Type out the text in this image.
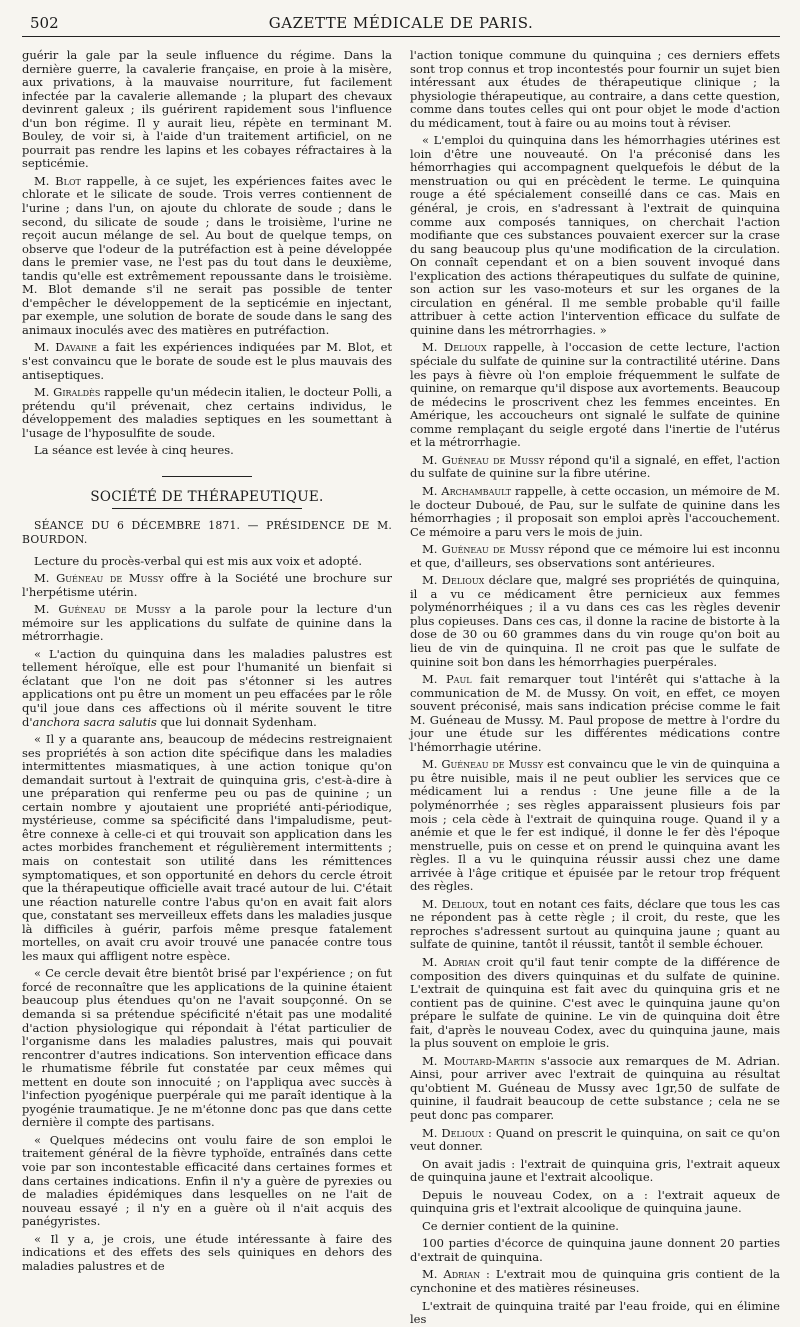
502	GAZETTE MÉDICALE DE PARIS.

guérir la gale par la seule influence du régime. Dans la dernière guerre, la cavalerie française, en proie à la misère, aux privations, à la mauvaise nourriture, fut facilement infectée par la cavalerie allemande ; la plupart des chevaux devinrent galeux ; ils guérirent rapidement sous l'influence d'un bon régime. Il y aurait lieu, répète en terminant M. Bouley, de voir si, à l'aide d'un traitement artificiel, on ne pourrait pas rendre les lapins et les cobayes réfractaires à la septicémie.

M. Blot rappelle, à ce sujet, les expériences faites avec le chlorate et le silicate de soude. Trois verres contiennent de l'urine ; dans l'un, on ajoute du chlorate de soude ; dans le second, du silicate de soude ; dans le troisième, l'urine ne reçoit aucun mélange de sel. Au bout de quelque temps, on observe que l'odeur de la putréfaction est à peine développée dans le premier vase, ne l'est pas du tout dans le deuxième, tandis qu'elle est extrêmement repoussante dans le troisième. M. Blot demande s'il ne serait pas possible de tenter d'empêcher le développement de la septicémie en injectant, par exemple, une solution de borate de soude dans le sang des animaux inoculés avec des matières en putréfaction.

M. Davaine a fait les expériences indiquées par M. Blot, et s'est convaincu que le borate de soude est le plus mauvais des antiseptiques.

M. Giraldès rappelle qu'un médecin italien, le docteur Polli, a prétendu qu'il prévenait, chez certains individus, le développement des maladies septiques en les soumettant à l'usage de l'hyposulfite de soude.

La séance est levée à cinq heures.

SOCIÉTÉ DE THÉRAPEUTIQUE.
SÉANCE DU 6 DÉCEMBRE 1871. — PRÉSIDENCE DE M. BOURDON.

Lecture du procès-verbal qui est mis aux voix et adopté.

M. Guéneau de Mussy offre à la Société une brochure sur l'herpétisme utérin.

M. Guéneau de Mussy a la parole pour la lecture d'un mémoire sur les applications du sulfate de quinine dans la métrorrhagie.

« L'action du quinquina dans les maladies palustres est tellement héroïque, elle est pour l'humanité un bienfait si éclatant que l'on ne doit pas s'étonner si les autres applications ont pu être un moment un peu effacées par le rôle qu'il joue dans ces affections où il mérite souvent le titre d'anchora sacra salutis que lui donnait Sydenham.

« Il y a quarante ans, beaucoup de médecins restreignaient ses propriétés à son action dite spécifique dans les maladies intermittentes miasmatiques, à une action tonique qu'on demandait surtout à l'extrait de quinquina gris, c'est-à-dire à une préparation qui renferme peu ou pas de quinine ; un certain nombre y ajoutaient une propriété anti-périodique, mystérieuse, comme sa spécificité dans l'impaludisme, peut-être connexe à celle-ci et qui trouvait son application dans les actes morbides franchement et régulièrement intermittents ; mais on contestait son utilité dans les rémittences symptomatiques, et son opportunité en dehors du cercle étroit que la thérapeutique officielle avait tracé autour de lui. C'était une réaction naturelle contre l'abus qu'on en avait fait alors que, constatant ses merveilleux effets dans les maladies jusque là difficiles à guérir, parfois même presque fatalement mortelles, on avait cru avoir trouvé une panacée contre tous les maux qui affligent notre espèce.

« Ce cercle devait être bientôt brisé par l'expérience ; on fut forcé de reconnaître que les applications de la quinine étaient beaucoup plus étendues qu'on ne l'avait soupçonné. On se demanda si sa prétendue spécificité n'était pas une modalité d'action physiologique qui répondait à l'état particulier de l'organisme dans les maladies palustres, mais qui pouvait rencontrer d'autres indications. Son intervention efficace dans le rhumatisme fébrile fut constatée par ceux mêmes qui mettent en doute son innocuité ; on l'appliqua avec succès à l'infection pyogénique puerpérale qui me paraît identique à la pyogénie traumatique. Je ne m'étonne donc pas que dans cette dernière il compte des partisans.

« Quelques médecins ont voulu faire de son emploi le traitement général de la fièvre typhoïde, entraînés dans cette voie par son incontestable efficacité dans certaines formes et dans certaines indications. Enfin il n'y a guère de pyrexies ou de maladies épidémiques dans lesquelles on ne l'ait de nouveau essayé ; il n'y en a guère où il n'ait acquis des panégyristes.

« Il y a, je crois, une étude intéressante à faire des indications et des effets des sels quiniques en dehors des maladies palustres et de

l'action tonique commune du quinquina ; ces derniers effets sont trop connus et trop incontestés pour fournir un sujet bien intéressant aux études de thérapeutique clinique ; la physiologie thérapeutique, au contraire, a dans cette question, comme dans toutes celles qui ont pour objet le mode d'action du médicament, tout à faire ou au moins tout à réviser.

« L'emploi du quinquina dans les hémorrhagies utérines est loin d'être une nouveauté. On l'a préconisé dans les hémorrhagies qui accompagnent quelquefois le début de la menstruation ou qui en précèdent le terme. Le quinquina rouge a été spécialement conseillé dans ce cas. Mais en général, je crois, en s'adressant à l'extrait de quinquina comme aux composés tanniques, on cherchait l'action modifiante que ces substances pouvaient exercer sur la crase du sang beaucoup plus qu'une modification de la circulation. On connaît cependant et on a bien souvent invoqué dans l'explication des actions thérapeutiques du sulfate de quinine, son action sur les vaso-moteurs et sur les organes de la circulation en général. Il me semble probable qu'il faille attribuer à cette action l'intervention efficace du sulfate de quinine dans les métrorrhagies. »

M. Delioux rappelle, à l'occasion de cette lecture, l'action spéciale du sulfate de quinine sur la contractilité utérine. Dans les pays à fièvre où l'on emploie fréquemment le sulfate de quinine, on remarque qu'il dispose aux avortements. Beaucoup de médecins le proscrivent chez les femmes enceintes. En Amérique, les accoucheurs ont signalé le sulfate de quinine comme remplaçant du seigle ergoté dans l'inertie de l'utérus et la métrorrhagie.

M. Guéneau de Mussy répond qu'il a signalé, en effet, l'action du sulfate de quinine sur la fibre utérine.

M. Archambault rappelle, à cette occasion, un mémoire de M. le docteur Duboué, de Pau, sur le sulfate de quinine dans les hémorrhagies ; il proposait son emploi après l'accouchement. Ce mémoire a paru vers le mois de juin.

M. Guéneau de Mussy répond que ce mémoire lui est inconnu et que, d'ailleurs, ses observations sont antérieures.

M. Delioux déclare que, malgré ses propriétés de quinquina, il a vu ce médicament être pernicieux aux femmes polyménorrhéiques ; il a vu dans ces cas les règles devenir plus copieuses. Dans ces cas, il donne la racine de bistorte à la dose de 30 ou 60 grammes dans du vin rouge qu'on boit au lieu de vin de quinquina. Il ne croit pas que le sulfate de quinine soit bon dans les hémorrhagies puerpérales.

M. Paul fait remarquer tout l'intérêt qui s'attache à la communication de M. de Mussy. On voit, en effet, ce moyen souvent préconisé, mais sans indication précise comme le fait M. Guéneau de Mussy. M. Paul propose de mettre à l'ordre du jour une étude sur les différentes médications contre l'hémorrhagie utérine.

M. Guéneau de Mussy est convaincu que le vin de quinquina a pu être nuisible, mais il ne peut oublier les services que ce médicament lui a rendus : Une jeune fille a de la polyménorrhée ; ses règles apparaissent plusieurs fois par mois ; cela cède à l'extrait de quinquina rouge. Quand il y a anémie et que le fer est indiqué, il donne le fer dès l'époque menstruelle, puis on cesse et on prend le quinquina avant les règles. Il a vu le quinquina réussir aussi chez une dame arrivée à l'âge critique et épuisée par le retour trop fréquent des règles.

M. Delioux, tout en notant ces faits, déclare que tous les cas ne répondent pas à cette règle ; il croit, du reste, que les reproches s'adressent surtout au quinquina jaune ; quant au sulfate de quinine, tantôt il réussit, tantôt il semble échouer.

M. Adrian croit qu'il faut tenir compte de la différence de composition des divers quinquinas et du sulfate de quinine. L'extrait de quinquina est fait avec du quinquina gris et ne contient pas de quinine. C'est avec le quinquina jaune qu'on prépare le sulfate de quinine. Le vin de quinquina doit être fait, d'après le nouveau Codex, avec du quinquina jaune, mais la plus souvent on emploie le gris.

M. Moutard-Martin s'associe aux remarques de M. Adrian. Ainsi, pour arriver avec l'extrait de quinquina au résultat qu'obtient M. Guéneau de Mussy avec 1gr,50 de sulfate de quinine, il faudrait beaucoup de cette substance ; cela ne se peut donc pas comparer.

M. Delioux : Quand on prescrit le quinquina, on sait ce qu'on veut donner.

On avait jadis : l'extrait de quinquina gris, l'extrait aqueux de quinquina jaune et l'extrait alcoolique.

Depuis le nouveau Codex, on a : l'extrait aqueux de quinquina gris et l'extrait alcoolique de quinquina jaune.

Ce dernier contient de la quinine.

100 parties d'écorce de quinquina jaune donnent 20 parties d'extrait de quinquina.

M. Adrian : L'extrait mou de quinquina gris contient de la cynchonine et des matières résineuses.

L'extrait de quinquina traité par l'eau froide, qui en élimine les
